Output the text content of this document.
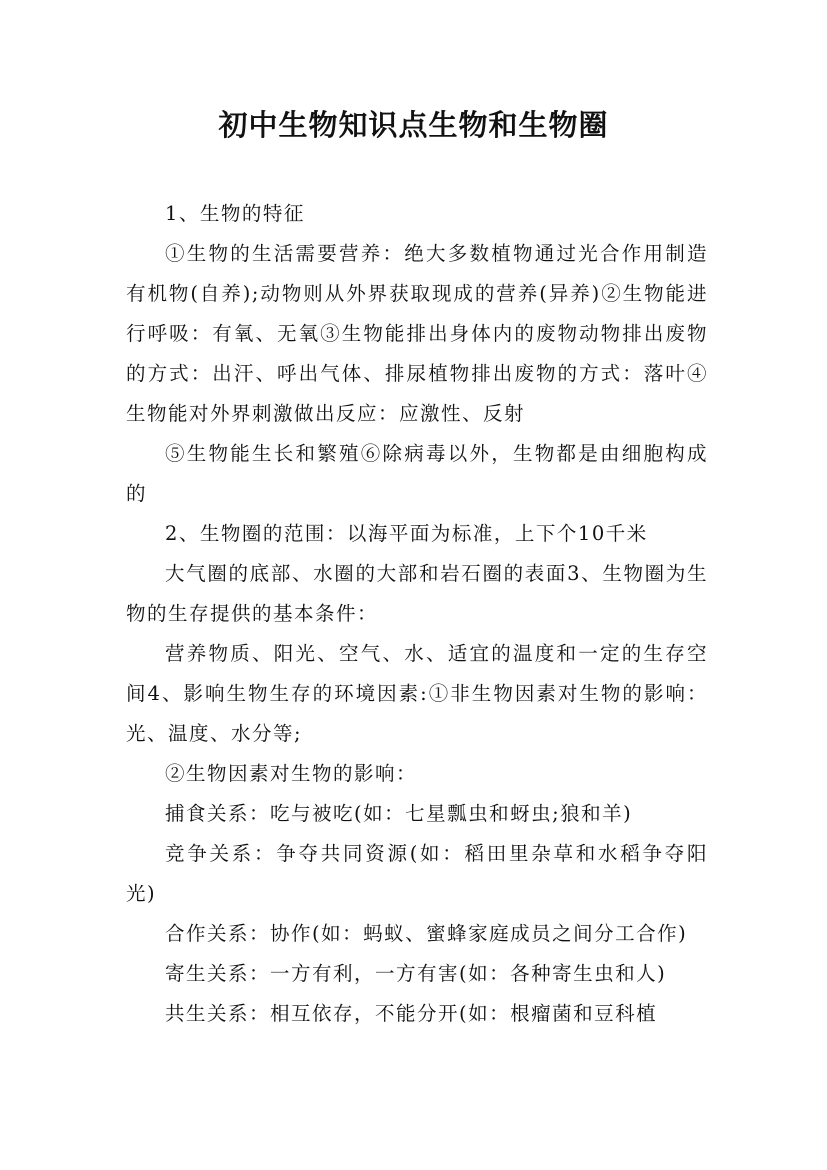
初中生物知识点生物和生物圈

1、生物的特征

①生物的生活需要营养：绝大多数植物通过光合作用制造有机物(自养);动物则从外界获取现成的营养(异养)②生物能进行呼吸：有氧、无氧③生物能排出身体内的废物动物排出废物的方式：出汗、呼出气体、排尿植物排出废物的方式：落叶④生物能对外界刺激做出反应：应激性、反射

⑤生物能生长和繁殖⑥除病毒以外，生物都是由细胞构成的

2、生物圈的范围：以海平面为标准，上下个10千米

大气圈的底部、水圈的大部和岩石圈的表面3、生物圈为生物的生存提供的基本条件：

营养物质、阳光、空气、水、适宜的温度和一定的生存空间4、影响生物生存的环境因素:①非生物因素对生物的影响：光、温度、水分等;

②生物因素对生物的影响：

捕食关系：吃与被吃(如：七星瓢虫和蚜虫;狼和羊)

竞争关系：争夺共同资源(如：稻田里杂草和水稻争夺阳光)

合作关系：协作(如：蚂蚁、蜜蜂家庭成员之间分工合作)

寄生关系：一方有利，一方有害(如：各种寄生虫和人)

共生关系：相互依存，不能分开(如：根瘤菌和豆科植
